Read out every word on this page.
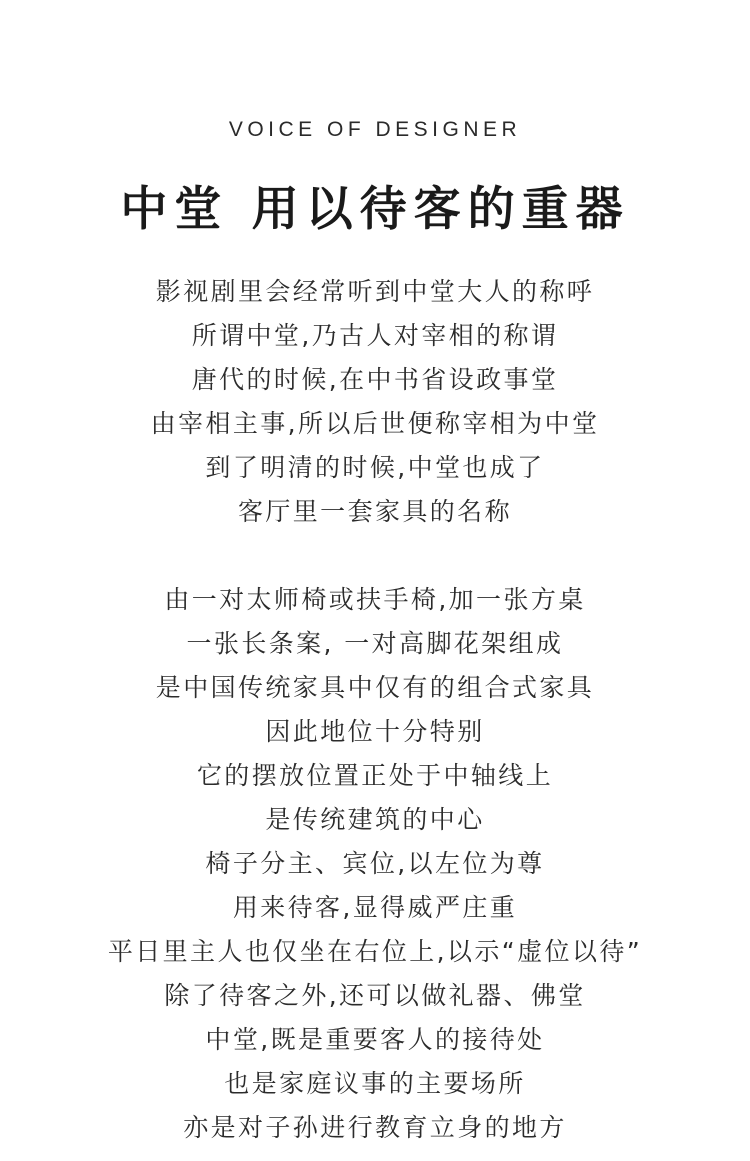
VOICE OF DESIGNER
中堂 用以待客的重器
影视剧里会经常听到中堂大人的称呼
所谓中堂,乃古人对宰相的称谓
唐代的时候,在中书省设政事堂
由宰相主事,所以后世便称宰相为中堂
到了明清的时候,中堂也成了
客厅里一套家具的名称
由一对太师椅或扶手椅,加一张方桌
一张长条案, 一对高脚花架组成
是中国传统家具中仅有的组合式家具
因此地位十分特别
它的摆放位置正处于中轴线上
是传统建筑的中心
椅子分主、宾位,以左位为尊
用来待客,显得威严庄重
平日里主人也仅坐在右位上,以示“虚位以待”
除了待客之外,还可以做礼器、佛堂
中堂,既是重要客人的接待处
也是家庭议事的主要场所
亦是对子孙进行教育立身的地方
